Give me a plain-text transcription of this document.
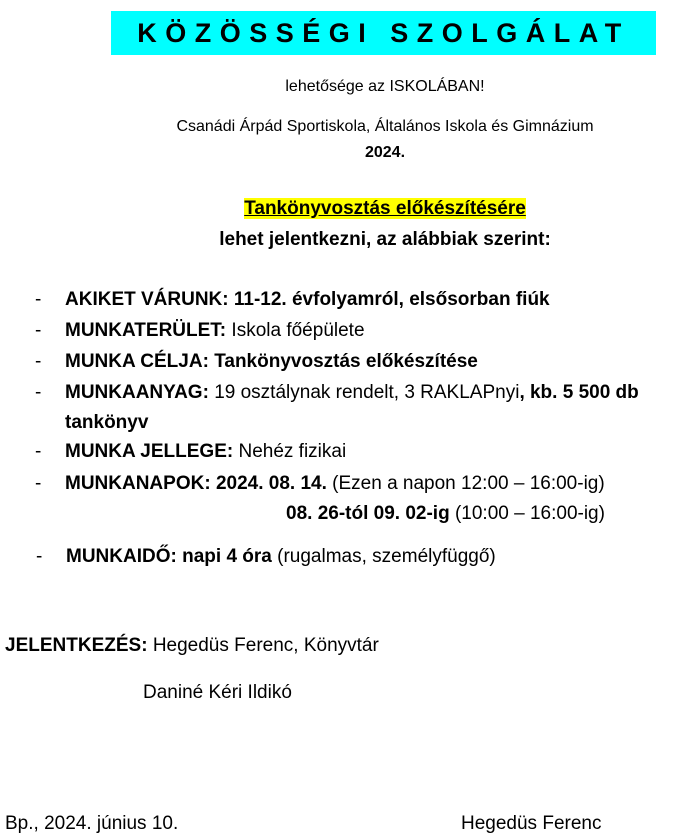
KÖZÖSSÉGI SZOLGÁLAT
lehetősége az ISKOLÁBAN!
Csanádi Árpád Sportiskola, Általános Iskola és Gimnázium
2024.
Tankönyvosztás előkészítésére
lehet jelentkezni, az alábbiak szerint:
- AKIKET VÁRUNK: 11-12. évfolyamról, elsősorban fiúk
- MUNKATERÜLET: Iskola főépülete
- MUNKA CÉLJA: Tankönyvosztás előkészítése
- MUNKAANYAG: 19 osztálynak rendelt, 3 RAKLAPnyi, kb. 5 500 db
tankönyv
- MUNKA JELLEGE: Nehéz fizikai
- MUNKANAPOK: 2024. 08. 14. (Ezen a napon 12:00 – 16:00-ig)
08. 26-tól 09. 02-ig (10:00 – 16:00-ig)
- MUNKAIDŐ: napi 4 óra (rugalmas, személyfüggő)
JELENTKEZÉS: Hegedüs Ferenc, Könyvtár
Daniné Kéri Ildikó
Bp., 2024. június 10.	Hegedüs Ferenc
